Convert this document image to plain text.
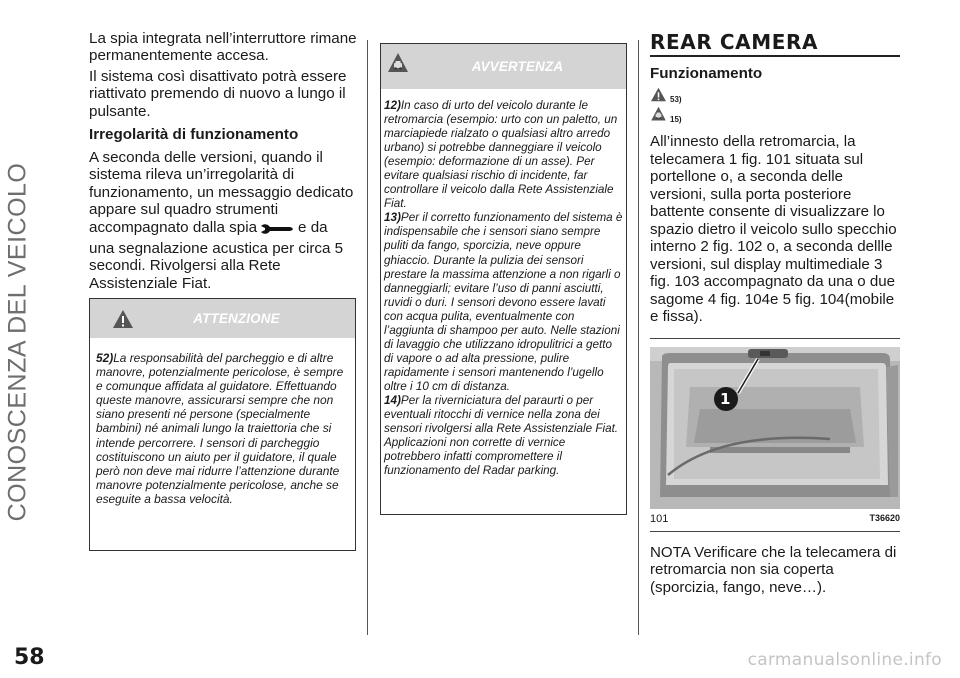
CONOSCENZA DEL VEICOLO

La spia integrata nell’interruttore rimane permanentemente accesa.

Il sistema così disattivato potrà essere riattivato premendo di nuovo a lungo il pulsante.

Irregolarità di funzionamento

A seconda delle versioni, quando il sistema rileva un’irregolarità di funzionamento, un messaggio dedicato appare sul quadro strumenti accompagnato dalla spia	e da una segnalazione acustica per circa 5 secondi. Rivolgersi alla Rete Assistenziale Fiat.

ATTENZIONE

52)La responsabilità del parcheggio e di altre manovre, potenzialmente pericolose, è sempre e comunque affidata al guidatore. Effettuando queste manovre, assicurarsi sempre che non siano presenti né persone (specialmente bambini) né animali lungo la traiettoria che si intende percorrere. I sensori di parcheggio costituiscono un aiuto per il guidatore, il quale però non deve mai ridurre l’attenzione durante manovre potenzialmente pericolose, anche se eseguite a bassa velocità.

AVVERTENZA

12)In caso di urto del veicolo durante le retromarcia (esempio: urto con un paletto, un marciapiede rialzato o qualsiasi altro arredo urbano) si potrebbe danneggiare il veicolo (esempio: deformazione di un asse). Per evitare qualsiasi rischio di incidente, far controllare il veicolo dalla Rete Assistenziale Fiat.

13)Per il corretto funzionamento del sistema è indispensabile che i sensori siano sempre puliti da fango, sporcizia, neve oppure ghiaccio. Durante la pulizia dei sensori prestare la massima attenzione a non rigarli o danneggiarli; evitare l’uso di panni asciutti, ruvidi o duri. I sensori devono essere lavati con acqua pulita, eventualmente con l’aggiunta di shampoo per auto. Nelle stazioni di lavaggio che utilizzano idropulitrici a getto di vapore o ad alta pressione, pulire rapidamente i sensori mantenendo l’ugello oltre i 10 cm di distanza.

14)Per la riverniciatura del paraurti o per eventuali ritocchi di vernice nella zona dei sensori rivolgersi alla Rete Assistenziale Fiat. Applicazioni non corrette di vernice potrebbero infatti compromettere il funzionamento del Radar parking.

REAR CAMERA

Funzionamento

53)
15)

All’innesto della retromarcia, la telecamera 1 fig. 101 situata sul portellone o, a seconda delle versioni, sulla porta posteriore battente consente di visualizzare lo spazio dietro il veicolo sullo specchio interno 2 fig. 102 o, a seconda dellle versioni, sul display multimediale 3 fig. 103 accompagnato da una o due sagome 4 fig. 104e 5 fig. 104(mobile e fissa).

1
101	T36620

NOTA Verificare che la telecamera di retromarcia non sia coperta (sporcizia, fango, neve…).

58	carmanualsonline.info
